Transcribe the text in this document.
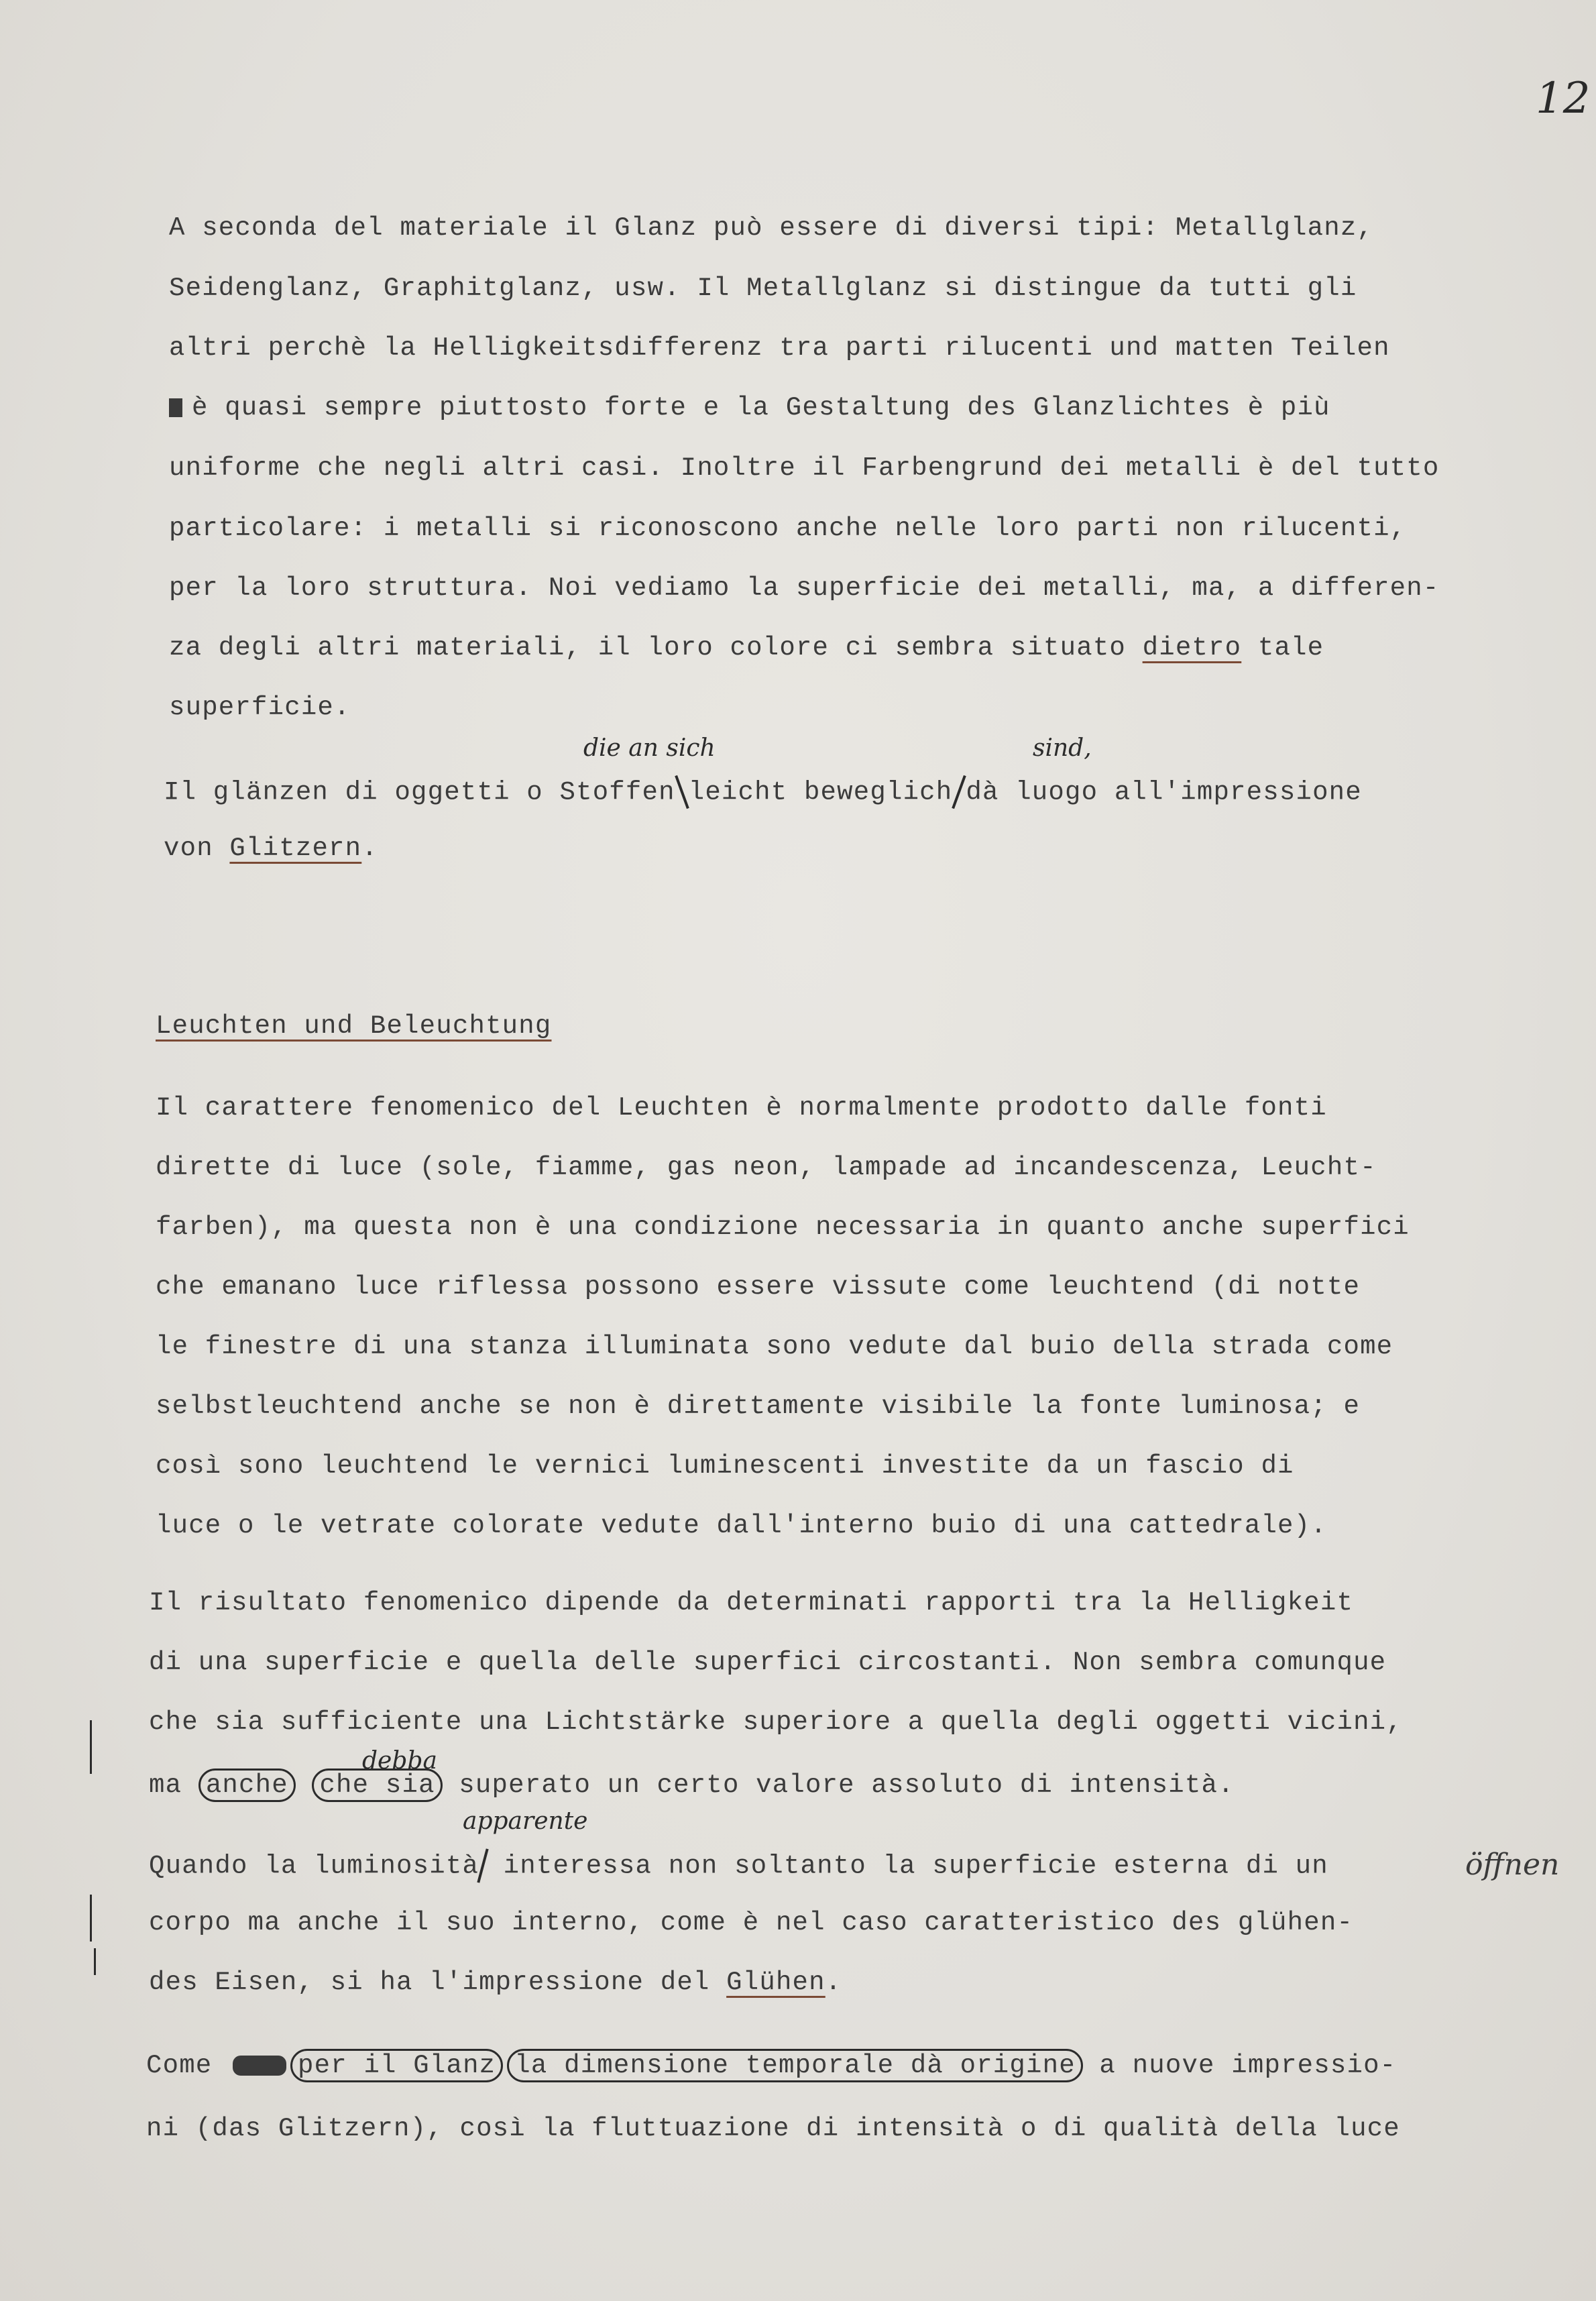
12
A seconda del materiale il Glanz può essere di diversi tipi: Metallglanz,
Seidenglanz, Graphitglanz, usw. Il Metallglanz si distingue da tutti gli
altri perchè la Helligkeitsdifferenz tra parti rilucenti und matten Teilen
è quasi sempre piuttosto forte e la Gestaltung des Glanzlichtes è più
uniforme che negli altri casi. Inoltre il Farbengrund dei metalli è del tutto
particolare: i metalli si riconoscono anche nelle loro parti non rilucenti,
per la loro struttura. Noi vediamo la superficie dei metalli, ma, a differen-
za degli altri materiali, il loro colore ci sembra situato dietro tale
superficie.
die an sich	sind,
Il glänzen di oggetti o Stoffen leicht beweglich dà luogo all'impressione
von Glitzern.
Leuchten und Beleuchtung
Il carattere fenomenico del Leuchten è normalmente prodotto dalle fonti
dirette di luce (sole, fiamme, gas neon, lampade ad incandescenza, Leucht-
farben), ma questa non è una condizione necessaria in quanto anche superfici
che emanano luce riflessa possono essere vissute come leuchtend (di notte
le finestre di una stanza illuminata sono vedute dal buio della strada come
selbstleuchtend anche se non è direttamente visibile la fonte luminosa; e
così sono leuchtend le vernici luminescenti investite da un fascio di
luce o le vetrate colorate vedute dall'interno buio di una cattedrale).
Il risultato fenomenico dipende da determinati rapporti tra la Helligkeit
di una superficie e quella delle superfici circostanti. Non sembra comunque
che sia sufficiente una Lichtstärke superiore a quella degli oggetti vicini,
debba
ma anche che sia superato un certo valore assoluto di intensità.
apparente
Quando la luminosità interessa non soltanto la superficie esterna di un	öffnen
corpo ma anche il suo interno, come è nel caso caratteristico des glühen-
des Eisen, si ha l'impressione del Glühen.
Come	per il Glanz la dimensione temporale dà origine a nuove impressio-
ni (das Glitzern), così la fluttuazione di intensità o di qualità della luce
